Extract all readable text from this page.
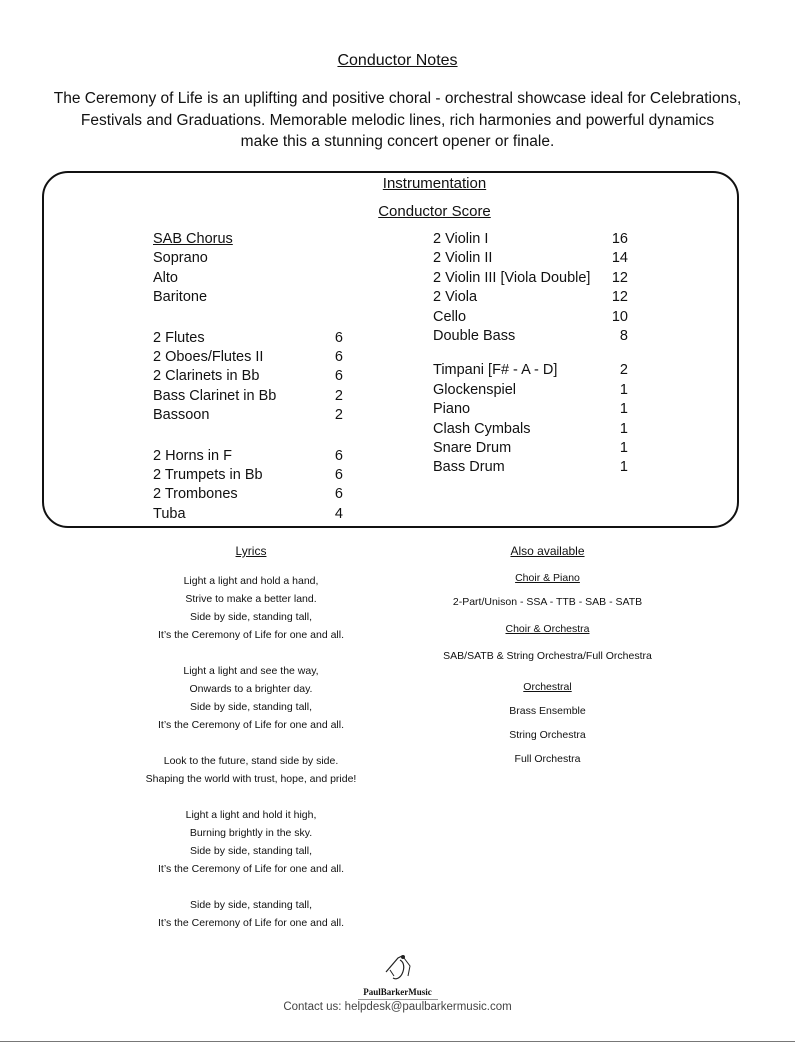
Conductor Notes
The Ceremony of Life is an uplifting and positive choral - orchestral showcase ideal for Celebrations,
Festivals and Graduations. Memorable melodic lines, rich harmonies and powerful dynamics
make this a stunning concert opener or finale.
Instrumentation
Conductor Score
SAB Chorus
Soprano
Alto
Baritone
2 Flutes	6
2 Oboes/Flutes II	6
2 Clarinets in Bb	6
Bass Clarinet in Bb	2
Bassoon	2
2 Horns in F	6
2 Trumpets in Bb	6
2 Trombones	6
Tuba	4
2 Violin I	16
2 Violin II	14
2 Violin III [Viola Double] 12
2 Viola	12
Cello	10
Double Bass	8
Timpani [F# - A - D]	2
Glockenspiel	1
Piano	1
Clash Cymbals	1
Snare Drum	1
Bass Drum	1
Lyrics
Light a light and hold a hand,
Strive to make a better land.
Side by side, standing tall,
It’s the Ceremony of Life for one and all.
Light a light and see the way,
Onwards to a brighter day.
Side by side, standing tall,
It’s the Ceremony of Life for one and all.
Look to the future, stand side by side.
Shaping the world with trust, hope, and pride!
Light a light and hold it high,
Burning brightly in the sky.
Side by side, standing tall,
It’s the Ceremony of Life for one and all.
Side by side, standing tall,
It’s the Ceremony of Life for one and all.
Also available
Choir & Piano
2-Part/Unison - SSA - TTB - SAB - SATB
Choir & Orchestra
SAB/SATB & String Orchestra/Full Orchestra
Orchestral
Brass Ensemble
String Orchestra
Full Orchestra
PaulBarkerMusic
Contact us: helpdesk@paulbarkermusic.com
